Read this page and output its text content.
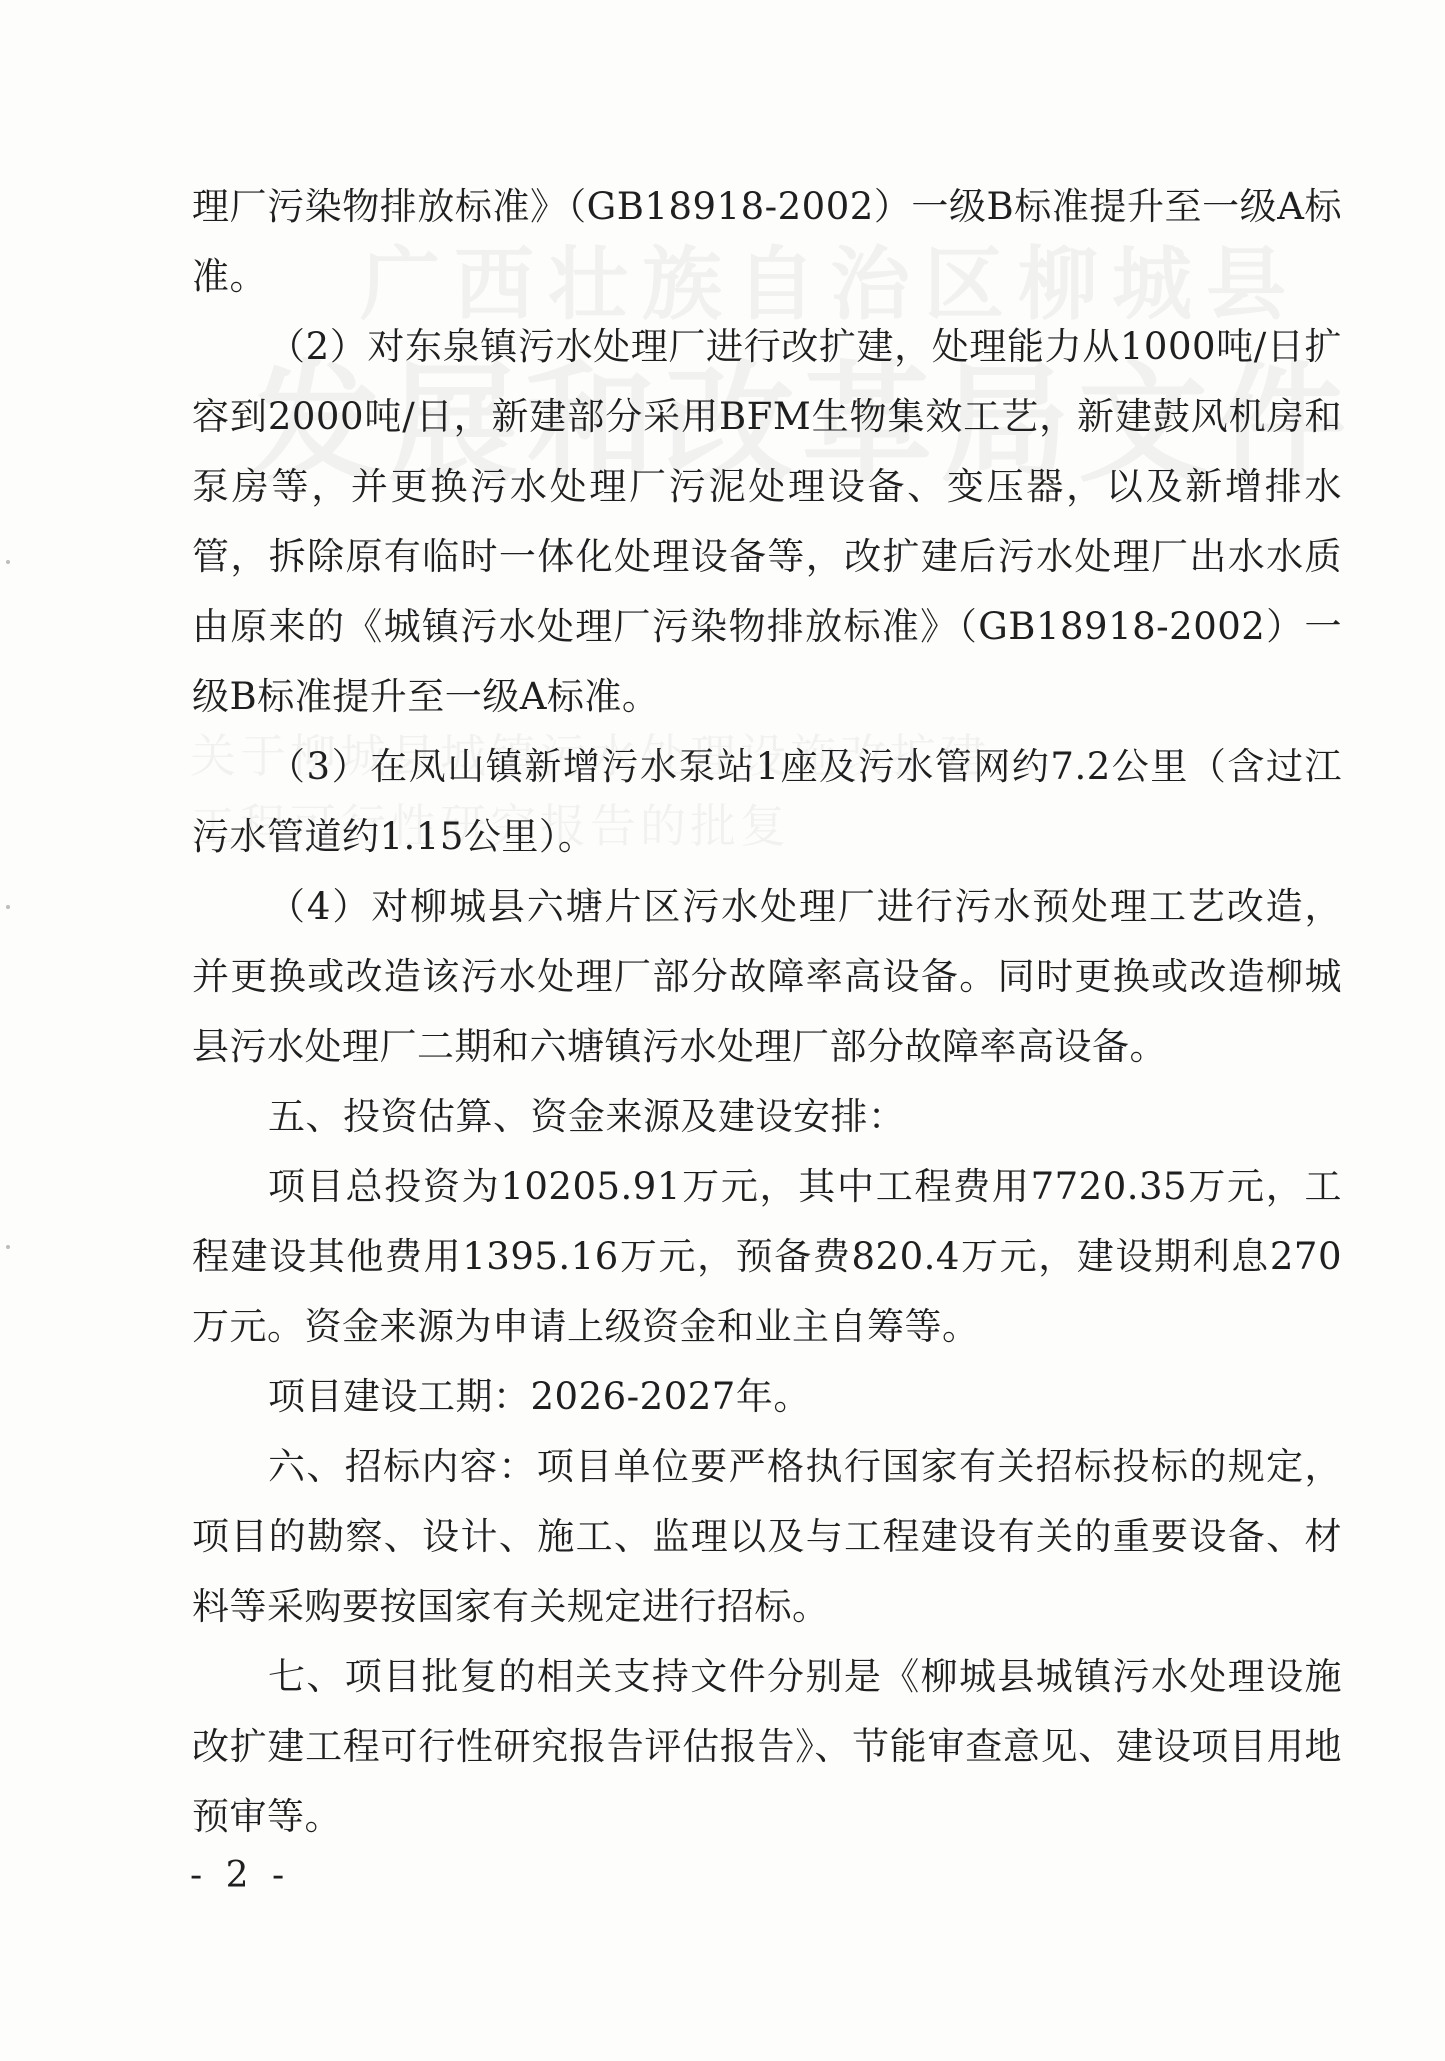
理厂污染物排放标准》（GB18918-2002）一级B标准提升至一级A标准。

（2）对东泉镇污水处理厂进行改扩建，处理能力从1000吨/日扩容到2000吨/日，新建部分采用BFM生物集效工艺，新建鼓风机房和泵房等，并更换污水处理厂污泥处理设备、变压器，以及新增排水管，拆除原有临时一体化处理设备等，改扩建后污水处理厂出水水质由原来的《城镇污水处理厂污染物排放标准》（GB18918-2002）一级B标准提升至一级A标准。

（3）在凤山镇新增污水泵站1座及污水管网约7.2公里（含过江污水管道约1.15公里）。

（4）对柳城县六塘片区污水处理厂进行污水预处理工艺改造，并更换或改造该污水处理厂部分故障率高设备。同时更换或改造柳城县污水处理厂二期和六塘镇污水处理厂部分故障率高设备。

五、投资估算、资金来源及建设安排：

项目总投资为10205.91万元，其中工程费用7720.35万元，工程建设其他费用1395.16万元，预备费820.4万元，建设期利息270万元。资金来源为申请上级资金和业主自筹等。

项目建设工期：2026-2027年。

六、招标内容：项目单位要严格执行国家有关招标投标的规定，项目的勘察、设计、施工、监理以及与工程建设有关的重要设备、材料等采购要按国家有关规定进行招标。

七、项目批复的相关支持文件分别是《柳城县城镇污水处理设施改扩建工程可行性研究报告评估报告》、节能审查意见、建设项目用地预审等。

- 2 -
